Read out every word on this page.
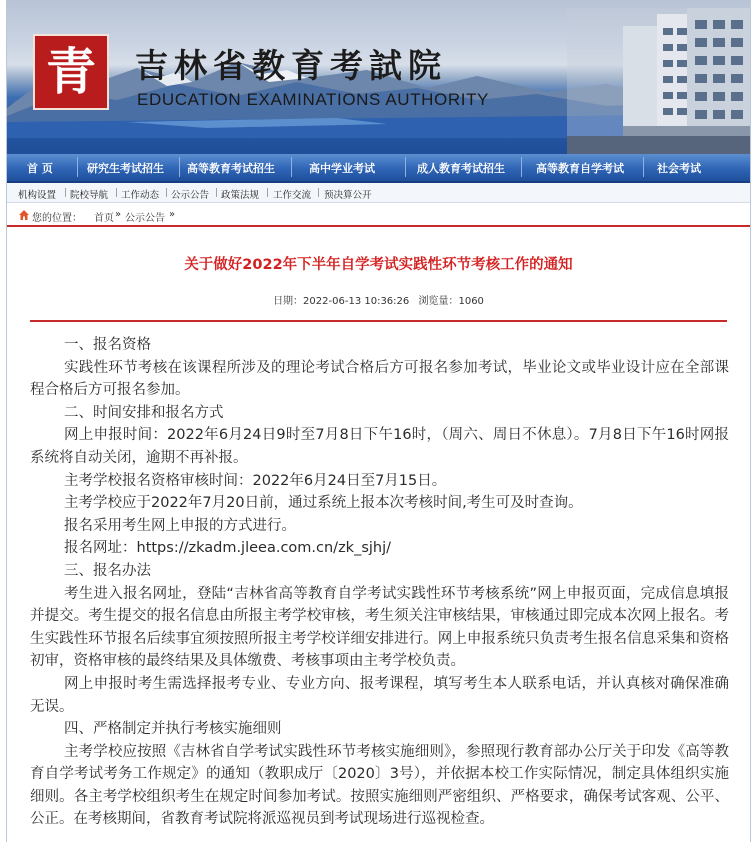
青 吉林省教育考試院
EDUCATION EXAMINATIONS AUTHORITY
首 页	研究生考试招生 高等教育考试招生	高中学业考试	成人教育考试招生	高等教育自学考试	社会考试
机构设置 | 院校导航 | 工作动态 | 公示公告 | 政策法规 | 工作交流 | 预决算公开
您的位置： 首页 » 公示公告 »
关于做好2022年下半年自学考试实践性环节考核工作的通知
日期：2022-06-13 10:36:26 浏览量：1060

一、报名资格

实践性环节考核在该课程所涉及的理论考试合格后方可报名参加考试，毕业论文或毕业设计应在全部课程合格后方可报名参加。

二、时间安排和报名方式

网上申报时间：2022年6月24日9时至7月8日下午16时，（周六、周日不休息）。7月8日下午16时网报系统将自动关闭，逾期不再补报。

主考学校报名资格审核时间：2022年6月24日至7月15日。

主考学校应于2022年7月20日前，通过系统上报本次考核时间,考生可及时查询。

报名采用考生网上申报的方式进行。

报名网址：https://zkadm.jleea.com.cn/zk_sjhj/

三、报名办法

考生进入报名网址，登陆“吉林省高等教育自学考试实践性环节考核系统”网上申报页面，完成信息填报并提交。考生提交的报名信息由所报主考学校审核，考生须关注审核结果，审核通过即完成本次网上报名。考生实践性环节报名后续事宜须按照所报主考学校详细安排进行。网上申报系统只负责考生报名信息采集和资格初审，资格审核的最终结果及具体缴费、考核事项由主考学校负责。

网上申报时考生需选择报考专业、专业方向、报考课程，填写考生本人联系电话，并认真核对确保准确无误。

四、严格制定并执行考核实施细则

主考学校应按照《吉林省自学考试实践性环节考核实施细则》，参照现行教育部办公厅关于印发《高等教育自学考试考务工作规定》的通知（教职成厅〔2020〕3号），并依据本校工作实际情况，制定具体组织实施细则。各主考学校组织考生在规定时间参加考试。按照实施细则严密组织、严格要求，确保考试客观、公平、公正。在考核期间，省教育考试院将派巡视员到考试现场进行巡视检查。
